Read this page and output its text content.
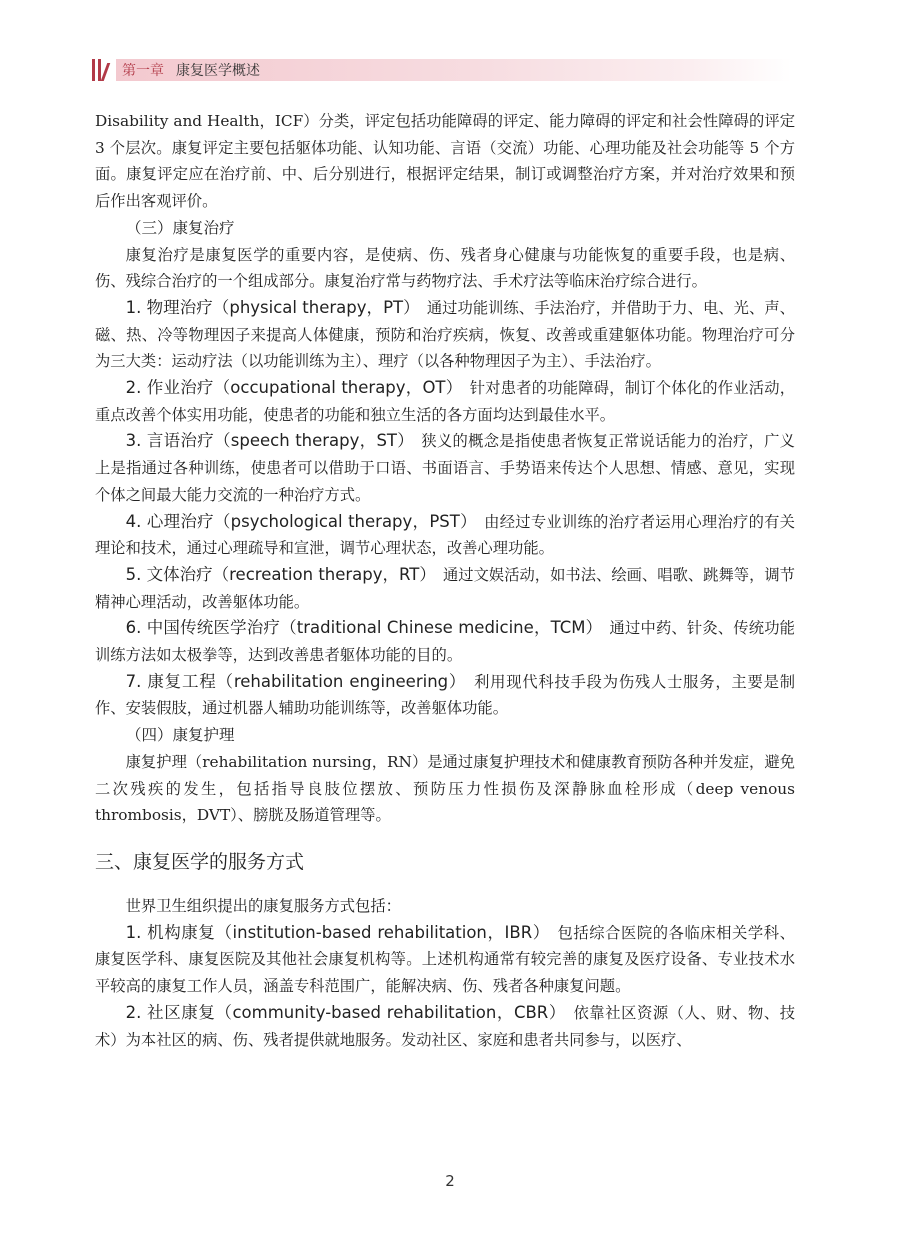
第一章 康复医学概述

Disability and Health，ICF）分类，评定包括功能障碍的评定、能力障碍的评定和社会性障碍的评定 3 个层次。康复评定主要包括躯体功能、认知功能、言语（交流）功能、心理功能及社会功能等 5 个方面。康复评定应在治疗前、中、后分别进行，根据评定结果，制订或调整治疗方案，并对治疗效果和预后作出客观评价。

（三）康复治疗

康复治疗是康复医学的重要内容，是使病、伤、残者身心健康与功能恢复的重要手段，也是病、伤、残综合治疗的一个组成部分。康复治疗常与药物疗法、手术疗法等临床治疗综合进行。

1. 物理治疗（physical therapy，PT）　 通过功能训练、手法治疗，并借助于力、电、光、声、磁、热、冷等物理因子来提高人体健康，预防和治疗疾病，恢复、改善或重建躯体功能。物理治疗可分为三大类：运动疗法（以功能训练为主）、理疗（以各种物理因子为主）、手法治疗。

2. 作业治疗（occupational therapy，OT）　 针对患者的功能障碍，制订个体化的作业活动，重点改善个体实用功能，使患者的功能和独立生活的各方面均达到最佳水平。

3. 言语治疗（speech therapy，ST）　 狭义的概念是指使患者恢复正常说话能力的治疗，广义上是指通过各种训练，使患者可以借助于口语、书面语言、手势语来传达个人思想、情感、意见，实现个体之间最大能力交流的一种治疗方式。

4. 心理治疗（psychological therapy，PST）　 由经过专业训练的治疗者运用心理治疗的有关理论和技术，通过心理疏导和宣泄，调节心理状态，改善心理功能。

5. 文体治疗（recreation therapy，RT）　 通过文娱活动，如书法、绘画、唱歌、跳舞等，调节精神心理活动，改善躯体功能。

6. 中国传统医学治疗（traditional Chinese medicine，TCM）　 通过中药、针灸、传统功能训练方法如太极拳等，达到改善患者躯体功能的目的。

7. 康复工程（rehabilitation engineering）　 利用现代科技手段为伤残人士服务，主要是制作、安装假肢，通过机器人辅助功能训练等，改善躯体功能。

（四）康复护理

康复护理（rehabilitation nursing，RN）是通过康复护理技术和健康教育预防各种并发症，避免二次残疾的发生，包括指导良肢位摆放、预防压力性损伤及深静脉血栓形成（deep venous thrombosis，DVT）、膀胱及肠道管理等。

三、康复医学的服务方式

世界卫生组织提出的康复服务方式包括：

1. 机构康复（institution-based rehabilitation，IBR）　 包括综合医院的各临床相关学科、康复医学科、康复医院及其他社会康复机构等。上述机构通常有较完善的康复及医疗设备、专业技术水平较高的康复工作人员，涵盖专科范围广，能解决病、伤、残者各种康复问题。

2. 社区康复（community-based rehabilitation，CBR）　 依靠社区资源（人、财、物、技术）为本社区的病、伤、残者提供就地服务。发动社区、家庭和患者共同参与，以医疗、

2
